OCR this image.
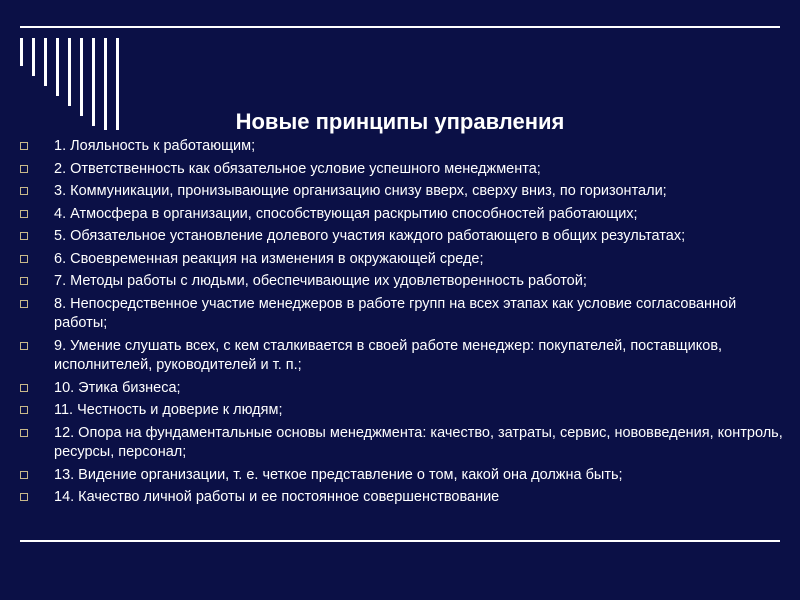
Новые принципы управления
1. Лояльность к работающим;
2. Ответственность как обязательное условие успешного менеджмента;
3. Коммуникации, пронизывающие организацию снизу вверх, сверху вниз, по горизонтали;
4. Атмосфера в организации, способствующая раскрытию способностей работающих;
5. Обязательное установление долевого участия каждого работающего в общих результатах;
6. Своевременная реакция на изменения в окружающей среде;
7. Методы работы с людьми, обеспечивающие их удовлетворенность работой;
8. Непосредственное участие менеджеров в работе групп на всех этапах как условие согласованной работы;
9. Умение слушать всех, с кем сталкивается в своей работе менеджер: покупателей, поставщиков, исполнителей, руководителей и т. п.;
10. Этика бизнеса;
11. Честность и доверие к людям;
12. Опора на фундаментальные основы менеджмента: качество, затраты, сервис, нововведения, контроль, ресурсы, персонал;
13. Видение организации, т. е. четкое представление о том, какой она должна быть;
14. Качество личной работы и ее постоянное совершенствование
